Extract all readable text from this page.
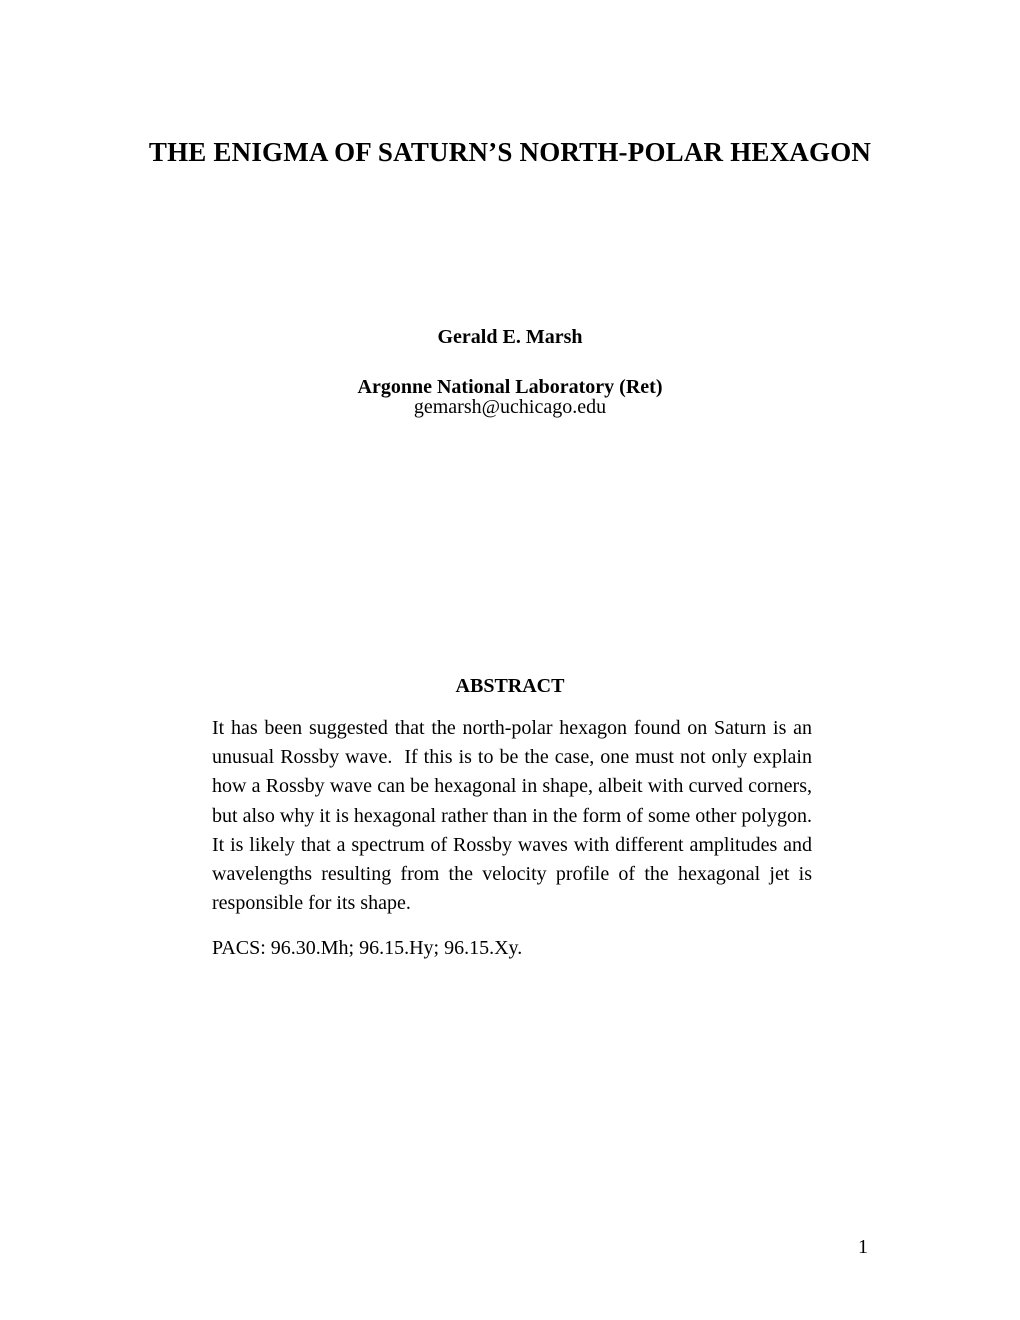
THE ENIGMA OF SATURN’S NORTH-POLAR HEXAGON
Gerald E. Marsh
Argonne National Laboratory (Ret)
gemarsh@uchicago.edu
ABSTRACT
It has been suggested that the north-polar hexagon found on Saturn is an unusual Rossby wave.  If this is to be the case, one must not only explain how a Rossby wave can be hexagonal in shape, albeit with curved corners, but also why it is hexagonal rather than in the form of some other polygon. It is likely that a spectrum of Rossby waves with different amplitudes and wavelengths resulting from the velocity profile of the hexagonal jet is responsible for its shape.
PACS: 96.30.Mh; 96.15.Hy; 96.15.Xy.
1
